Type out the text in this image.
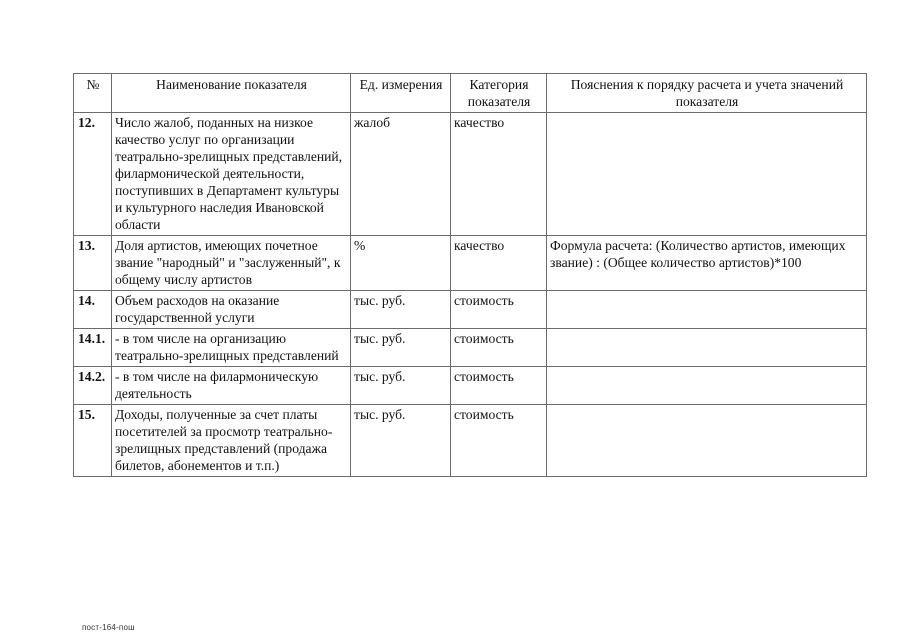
№	Наименование показателя	Ед. измерения	Категория показателя	Пояснения к порядку расчета и учета значений показателя
12.	Число жалоб, поданных на низкое качество услуг по организации театрально-зрелищных представлений, филармонической деятельности, поступивших в Департамент культуры и культурного наследия Ивановской области	жалоб	качество	
13.	Доля артистов, имеющих почетное звание "народный" и "заслуженный", к общему числу артистов	%	качество	Формула расчета: (Количество артистов, имеющих звание) : (Общее количество артистов)*100
14.	Объем расходов на оказание государственной услуги	тыс. руб.	стоимость	
14.1.	- в том числе на организацию театрально-зрелищных представлений	тыс. руб.	стоимость	
14.2.	- в том числе на филармоническую деятельность	тыс. руб.	стоимость	
15.	Доходы, полученные за счет платы посетителей за просмотр театрально-зрелищных представлений (продажа билетов, абонементов и т.п.)	тыс. руб.	стоимость	
пост-164-пош
